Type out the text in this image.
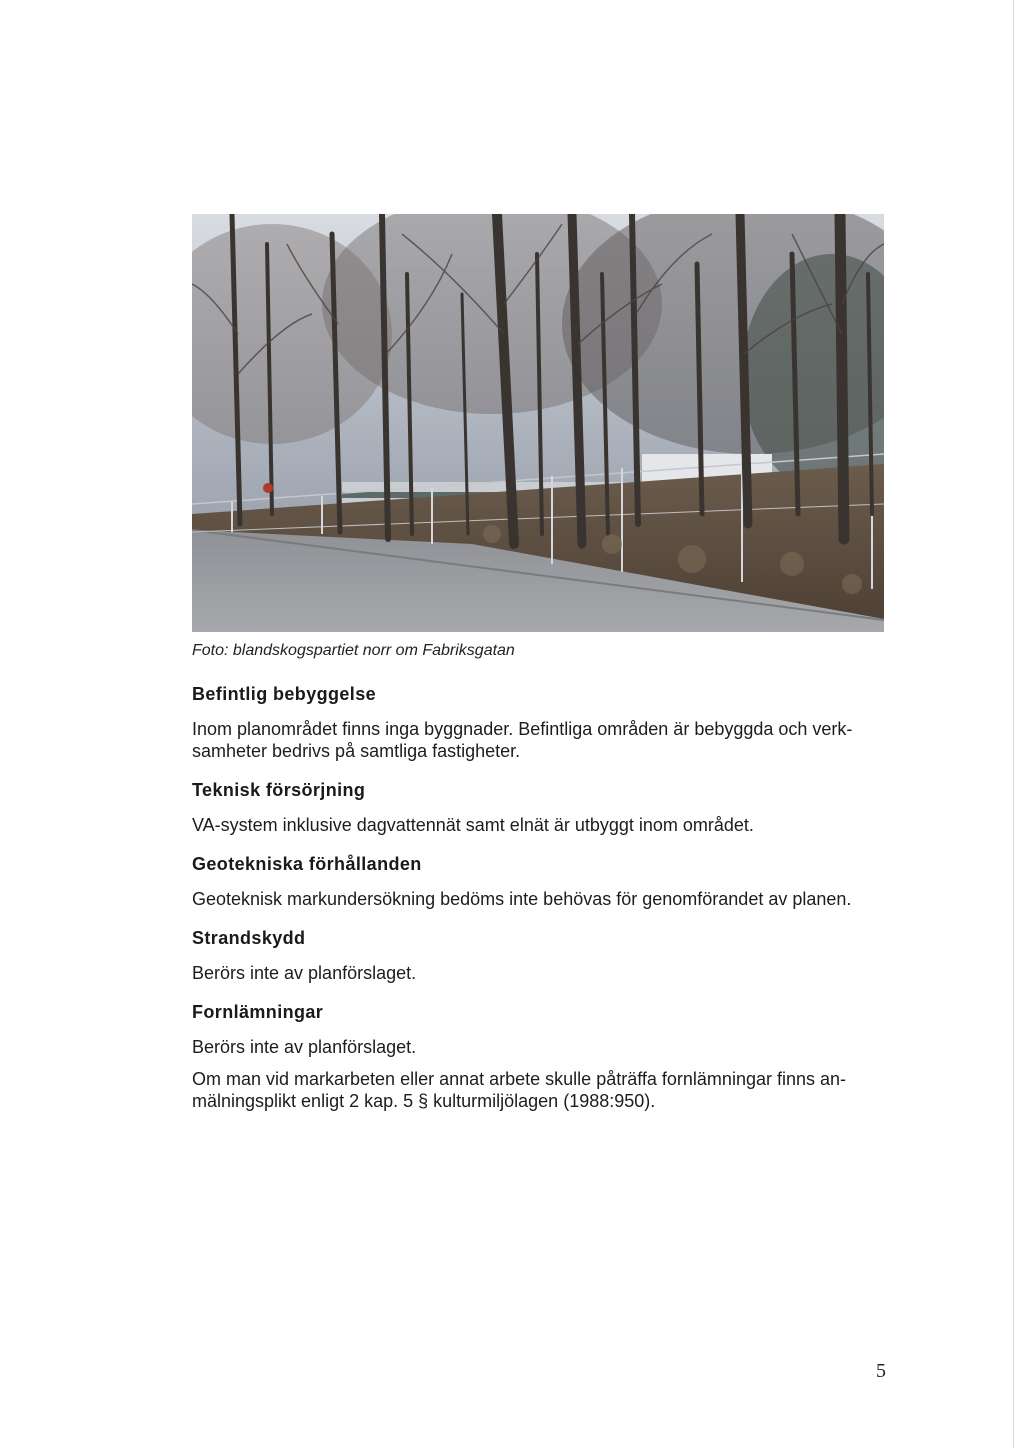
Foto: blandskogspartiet norr om Fabriksgatan
Befintlig bebyggelse

Inom planområdet finns inga byggnader. Befintliga områden är bebyggda och verk-samheter bedrivs på samtliga fastigheter.

Teknisk försörjning

VA-system inklusive dagvattennät samt elnät är utbyggt inom området.

Geotekniska förhållanden

Geoteknisk markundersökning bedöms inte behövas för genomförandet av planen.

Strandskydd

Berörs inte av planförslaget.

Fornlämningar

Berörs inte av planförslaget.

Om man vid markarbeten eller annat arbete skulle påträffa fornlämningar finns an-mälningsplikt enligt 2 kap. 5 § kulturmiljölagen (1988:950).

5
